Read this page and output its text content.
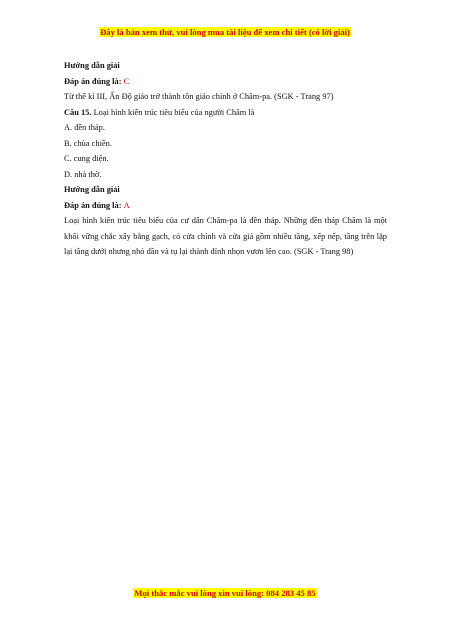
Đây là bản xem thử, vui lòng mua tài liệu để xem chi tiết (có lời giải)

Hướng dẫn giải

Đáp án đúng là: C

Từ thế kỉ III, Ấn Độ giáo trở thành tôn giáo chính ở Chăm-pa. (SGK - Trang 97)

Câu 15. Loại hình kiến trúc tiêu biểu của người Chăm là

A. đền tháp.

B. chùa chiền.

C. cung điện.

D. nhà thờ.

Hướng dẫn giải

Đáp án đúng là: A

Loại hình kiến trúc tiêu biểu của cư dân Chăm-pa là đền tháp. Những đền tháp Chăm là một khối vững chắc xây bằng gạch, có cửa chính và cửa giả gồm nhiều tầng, xếp nếp, tầng trên lặp lại tầng dưới nhưng nhỏ dần và tụ lại thành đỉnh nhọn vươn lên cao. (SGK - Trang 98)

Mọi thắc mắc vui lòng xin vui lòng: 084 283 45 85
